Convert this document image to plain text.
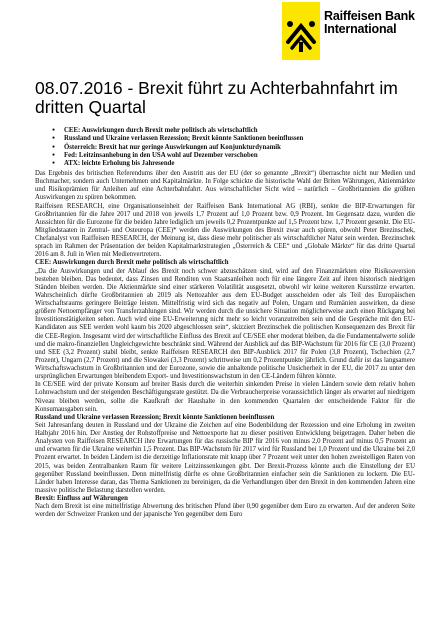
Raiffeisen Bank
International
08.07.2016 - Brexit führt zu Achterbahnfahrt im dritten Quartal
● CEE: Auswirkungen durch Brexit mehr politisch als wirtschaftlich
● Russland und Ukraine verlassen Rezession; Brexit könnte Sanktionen beeinflussen
● Österreich: Brexit hat nur geringe Auswirkungen auf Konjunkturdynamik
● Fed: Leitzinsanhebung in den USA wohl auf Dezember verschoben
● ATX: leichte Erholung bis Jahresende

Das Ergebnis des britischen Referendums über den Austritt aus der EU (der so genannte „Brexit“) überraschte nicht nur Medien und Buchmacher, sondern auch Unternehmen und Kapitalmärkte. In Folge schickte die historische Wahl der Briten Währungen, Aktienmärkte und Risikoprämien für Anleihen auf eine Achterbahnfahrt. Aus wirtschaftlicher Sicht wird – natürlich – Großbritannien die größten Auswirkungen zu spüren bekommen.

Raiffeisen RESEARCH, eine Organisationseinheit der Raiffeisen Bank International AG (RBI), senkte die BIP-Erwartungen für Großbritannien für die Jahre 2017 und 2018 von jeweils 1,7 Prozent auf 1,0 Prozent bzw. 0,9 Prozent. Im Gegensatz dazu, wurden die Aussichten für die Eurozone für die beiden Jahre lediglich um jeweils 0,2 Prozentpunkte auf 1,5 Prozent bzw. 1,7 Prozent gesenkt. Die EU-Mitgliedstaaten in Zentral- und Osteuropa (CEE)* werden die Auswirkungen des Brexit zwar auch spüren, obwohl Peter Brezinschek, Chefanalyst von Raiffeisen RESEARCH, der Meinung ist, dass diese mehr politischer als wirtschaftlicher Natur sein werden. Brezinschek sprach im Rahmen der Präsentation der beiden Kapitalmarktstrategien „Österreich & CEE“ und „Globale Märkte“ für das dritte Quartal 2016 am 8. Juli in Wien mit Medienvertretern.

CEE: Auswirkungen durch Brexit mehr politisch als wirtschaftlich

„Da die Auswirkungen und der Ablauf des Brexit noch schwer abzuschätzen sind, wird auf den Finanzmärkten eine Risikoaversion bestehen bleiben. Das bedeutet, dass Zinsen und Renditen von Staatsanleihen noch für eine längere Zeit auf ihren historisch niedrigen Ständen bleiben werden. Die Aktienmärkte sind einer stärkeren Volatilität ausgesetzt, obwohl wir keine weiteren Kursstürze erwarten. Wahrscheinlich dürfte Großbritannien ab 2019 als Nettozahler aus dem EU-Budget ausscheiden oder als Teil des Europäischen Wirtschaftsraums geringere Beiträge leisten. Mittelfristig wird sich das negativ auf Polen, Ungarn und Rumänien auswirken, da diese größere Nettoempfänger von Transferzahlungen sind. Wir werden durch die unsichere Situation möglicherweise auch einen Rückgang bei Investitionstätigkeiten sehen. Auch wird eine EU-Erweiterung nicht mehr so leicht voranzutreiben sein und die Gespräche mit den EU-Kandidaten aus SEE werden wohl kaum bis 2020 abgeschlossen sein“, skizziert Brezinschek die politischen Konsequenzen des Brexit für die CEE-Region. Insgesamt wird der wirtschaftliche Einfluss des Brexit auf CE/SEE eher moderat bleiben, da die Fundamentalwerte solide und die makro-finanziellen Ungleichgewichte beschränkt sind. Während der Ausblick auf das BIP-Wachstum für 2016 für CE (3,0 Prozent) und SEE (3,2 Prozent) stabil bleibt, senkte Raiffeisen RESEARCH den BIP-Ausblick 2017 für Polen (3,8 Prozent), Tschechien (2,7 Prozent), Ungarn (2,7 Prozent) und die Slowakei (3,3 Prozent) schrittweise um 0,2 Prozentpunkte jährlich. Grund dafür ist das langsamere Wirtschaftswachstum in Großbritannien und der Eurozone, sowie die anhaltende politische Unsicherheit in der EU, die 2017 zu unter den ursprünglichen Erwartungen bleibendem Export- und Investitionswachstum in den CE-Ländern führen könnte.

In CE/SEE wird der private Konsum auf breiter Basis durch die weiterhin sinkenden Preise in vielen Ländern sowie dem relativ hohen Lohnwachstum und der steigenden Beschäftigungsrate gestützt. Da die Verbraucherpreise voraussichtlich länger als erwartet auf niedrigem Niveau bleiben werden, sollte die Kaufkraft der Haushalte in den kommenden Quartalen der entscheidende Faktor für die Konsumausgaben sein.

Russland und Ukraine verlassen Rezession; Brexit könnte Sanktionen beeinflussen

Seit Jahresanfang deuten in Russland und der Ukraine die Zeichen auf eine Bodenbildung der Rezession und eine Erholung im zweiten Halbjahr 2016 hin. Der Anstieg der Rohstoffpreise und Nettoexporte hat zu dieser positiven Entwicklung beigetragen. Daher heben die Analysten von Raiffeisen RESEARCH ihre Erwartungen für das russische BIP für 2016 von minus 2,0 Prozent auf minus 0,5 Prozent an und erwarten für die Ukraine weiterhin 1,5 Prozent. Das BIP-Wachstum für 2017 wird für Russland bei 1,0 Prozent und die Ukraine bei 2,0 Prozent erwartet. In beiden Ländern ist die derzeitige Inflationsrate mit knapp über 7 Prozent weit unter den hohen zweistelligen Raten von 2015, was beiden Zentralbanken Raum für weitere Leitzinssenkungen gibt. Der Brexit-Prozess könnte auch die Einstellung der EU gegenüber Russland beeinflussen. Denn mittelfristig dürfte es ohne Großbritannien einfacher sein die Sanktionen zu lockern. Die EU-Länder haben Interesse daran, das Thema Sanktionen zu bereinigen, da die Verhandlungen über den Brexit in den kommenden Jahren eine massive politische Belastung darstellen werden.

Brexit: Einfluss auf Währungen

Nach dem Brexit ist eine mittelfristige Abwertung des britischen Pfund über 0,90 gegenüber dem Euro zu erwarten. Auf der anderen Seite werden der Schweizer Franken und der japanische Yen gegenüber dem Euro
